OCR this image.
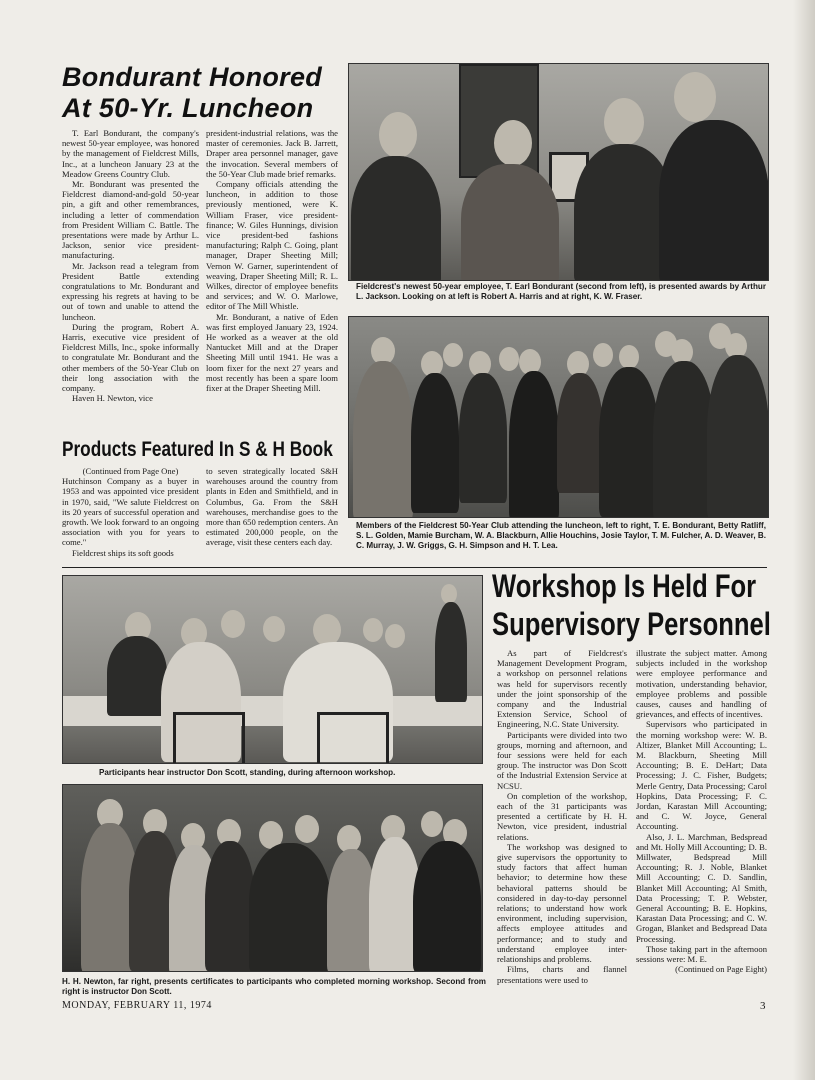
Bondurant Honored
At 50-Yr. Luncheon

T. Earl Bondurant, the company's newest 50-year employee, was honored by the management of Fieldcrest Mills, Inc., at a luncheon January 23 at the Meadow Greens Country Club.

Mr. Bondurant was presented the Fieldcrest diamond-and-gold 50-year pin, a gift and other remembrances, including a letter of commendation from President William C. Battle. The presentations were made by Arthur L. Jackson, senior vice president-manufacturing.

Mr. Jackson read a telegram from President Battle extending congratulations to Mr. Bondurant and expressing his regrets at having to be out of town and unable to attend the luncheon.

During the program, Robert A. Harris, executive vice president of Fieldcrest Mills, Inc., spoke informally to congratulate Mr. Bondurant and the other members of the 50-Year Club on their long association with the company.

Haven H. Newton, vice

president-industrial relations, was the master of ceremonies. Jack B. Jarrett, Draper area personnel manager, gave the invocation. Several members of the 50-Year Club made brief remarks.

Company officials attending the luncheon, in addition to those previously mentioned, were K. William Fraser, vice president-finance; W. Giles Hunnings, division vice president-bed fashions manufacturing; Ralph C. Going, plant manager, Draper Sheeting Mill; Vernon W. Garner, superintendent of weaving, Draper Sheeting Mill; R. L. Wilkes, director of employee benefits and services; and W. O. Marlowe, editor of The Mill Whistle.

Mr. Bondurant, a native of Eden was first employed January 23, 1924. He worked as a weaver at the old Nantucket Mill and at the Draper Sheeting Mill until 1941. He was a loom fixer for the next 27 years and most recently has been a spare loom fixer at the Draper Sheeting Mill.

Fieldcrest's newest 50-year employee, T. Earl Bondurant (second from left), is presented awards by Arthur L. Jackson. Looking on at left is Robert A. Harris and at right, K. W. Fraser.

Members of the Fieldcrest 50-Year Club attending the luncheon, left to right, T. E. Bondurant, Betty Ratliff, S. L. Golden, Mamie Burcham, W. A. Blackburn, Allie Houchins, Josie Taylor, T. M. Fulcher, A. D. Weaver, B. C. Murray, J. W. Griggs, G. H. Simpson and H. T. Lea.

Products Featured In S & H Book

(Continued from Page One)

Hutchinson Company as a buyer in 1953 and was appointed vice president in 1970, said, "We salute Fieldcrest on its 20 years of successful operation and growth. We look forward to an ongoing association with you for years to come."

Fieldcrest ships its soft goods

to seven strategically located S&H warehouses around the country from plants in Eden and Smithfield, and in Columbus, Ga. From the S&H warehouses, merchandise goes to the more than 650 redemption centers. An estimated 200,000 people, on the average, visit these centers each day.

Workshop Is Held For
Supervisory Personnel

Participants hear instructor Don Scott, standing, during afternoon workshop.

H. H. Newton, far right, presents certificates to participants who completed morning workshop. Second from right is instructor Don Scott.

As part of Fieldcrest's Management Development Program, a workshop on personnel relations was held for supervisors recently under the joint sponsorship of the company and the Industrial Extension Service, School of Engineering, N.C. State University.

Participants were divided into two groups, morning and afternoon, and four sessions were held for each group. The instructor was Don Scott of the Industrial Extension Service at NCSU.

On completion of the workshop, each of the 31 participants was presented a certificate by H. H. Newton, vice president, industrial relations.

The workshop was designed to give supervisors the opportunity to study factors that affect human behavior; to determine how these behavioral patterns should be considered in day-to-day personnel relations; to understand how work environment, including supervision, affects employee attitudes and performance; and to study and understand employee inter-relationships and problems.

Films, charts and flannel presentations were used to

illustrate the subject matter. Among subjects included in the workshop were employee performance and motivation, understanding behavior, employee problems and possible causes, causes and handling of grievances, and effects of incentives.

Supervisors who participated in the morning workshop were: W. B. Altizer, Blanket Mill Accounting; L. M. Blackburn, Sheeting Mill Accounting; B. E. DeHart; Data Processing; J. C. Fisher, Budgets; Merle Gentry, Data Processing; Carol Hopkins, Data Processing; F. C. Jordan, Karastan Mill Accounting; and C. W. Joyce, General Accounting.

Also, J. L. Marchman, Bedspread and Mt. Holly Mill Accounting; D. B. Millwater, Bedspread Mill Accounting; R. J. Noble, Blanket Mill Accounting; C. D. Sandlin, Blanket Mill Accounting; Al Smith, Data Processing; T. P. Webster, General Accounting; B. E. Hopkins, Karastan Data Processing; and C. W. Grogan, Blanket and Bedspread Data Processing.

Those taking part in the afternoon sessions were: M. E.

(Continued on Page Eight)

MONDAY, FEBRUARY 11, 1974	3
